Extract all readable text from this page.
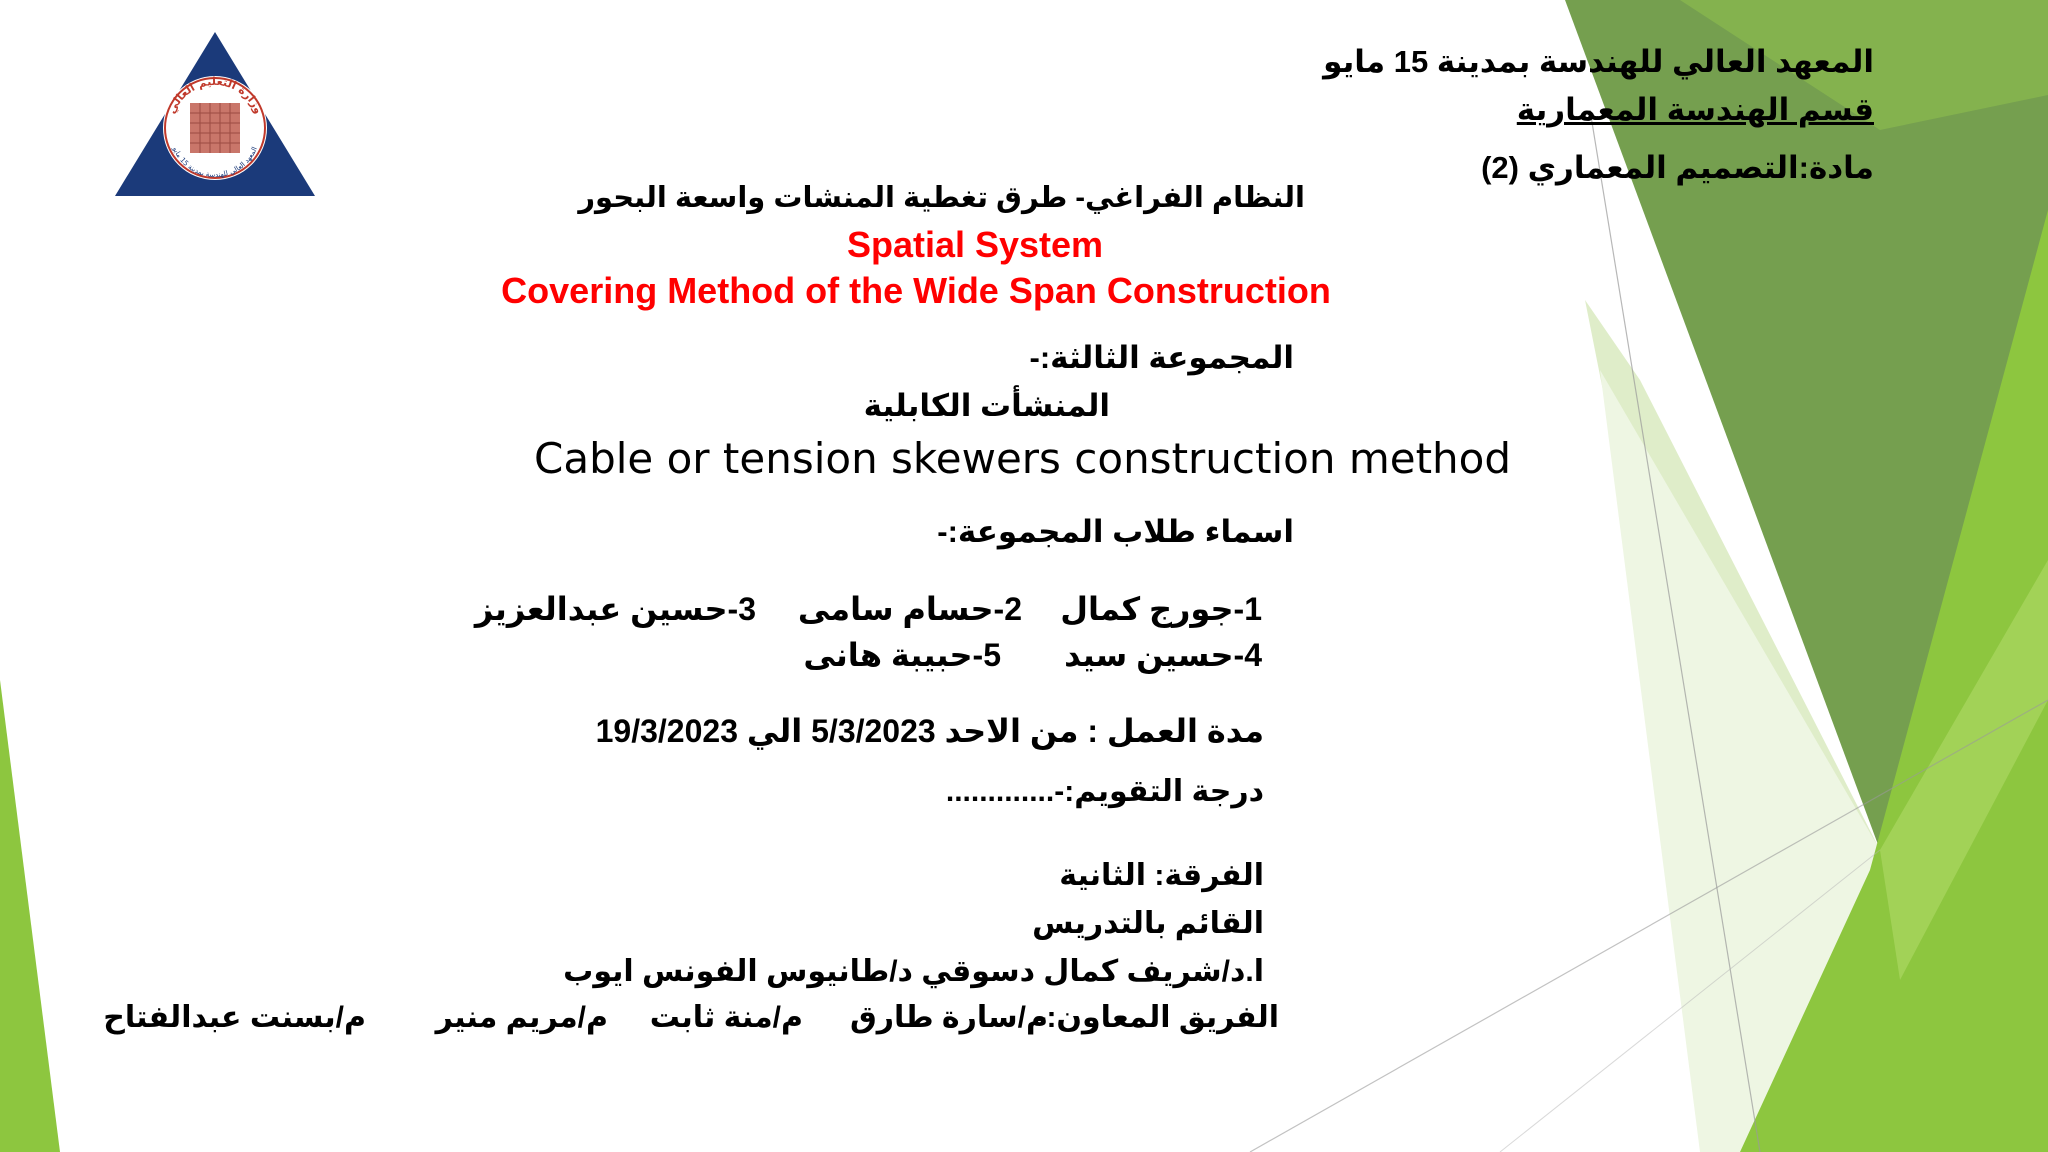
وزارة التعليم العالي
المعهد العالي للهندسة بمدينة 15 مايو
المعهد العالي للهندسة بمدينة 15 مايو
قسم الهندسة المعمارية
مادة:التصميم المعماري (2)
النظام الفراغي- طرق تغطية المنشات واسعة البحور
Spatial System
Covering Method of the Wide Span Construction
المجموعة الثالثة:-
المنشأت الكابلية
Cable or tension skewers construction method
اسماء طلاب المجموعة:-
1-جورج كمال
2-حسام سامى
3-حسين عبدالعزيز
4-حسين سيد
5-حبيبة هانى
مدة العمل : من الاحد 5/3/2023 الي 19/3/2023
درجة التقويم:-.............
الفرقة: الثانية
القائم بالتدريس
ا.د/شريف كمال دسوقي د/طانيوس الفونس ايوب
الفريق المعاون:-
م/سارة طارق
م/منة ثابت
م/مريم منير
م/بسنت عبدالفتاح
